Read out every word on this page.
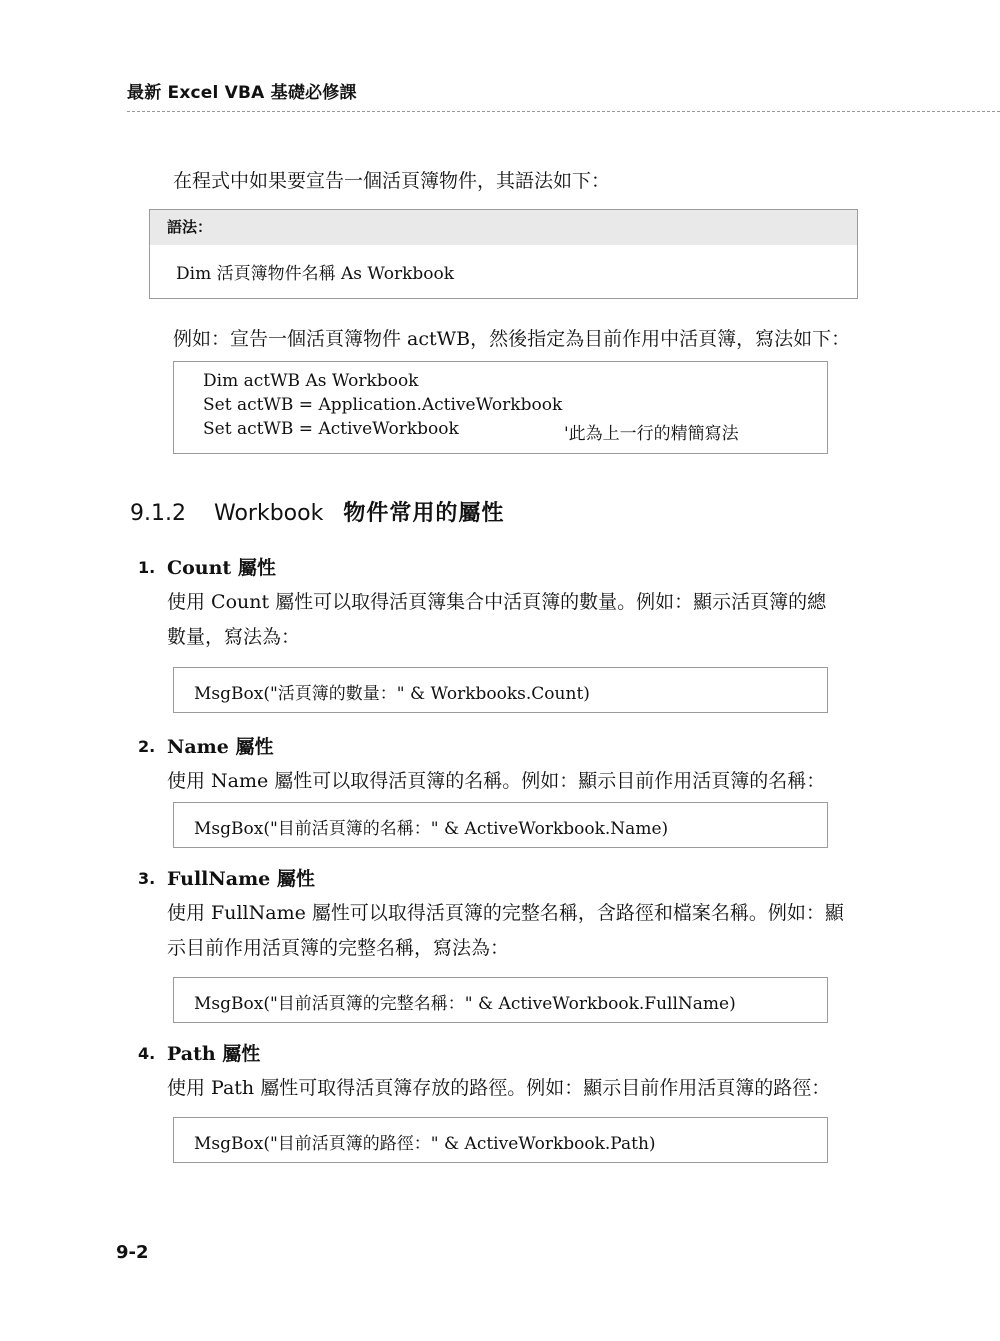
最新 Excel VBA 基礎必修課
在程式中如果要宣告一個活頁簿物件，其語法如下：
語法：
Dim 活頁簿物件名稱 As Workbook
例如：宣告一個活頁簿物件 actWB，然後指定為目前作用中活頁簿，寫法如下：
Dim actWB As Workbook
Set actWB = Application.ActiveWorkbook
Set actWB = ActiveWorkbook	'此為上一行的精簡寫法
9.1.2 Workbook 物件常用的屬性
1. Count 屬性
使用 Count 屬性可以取得活頁簿集合中活頁簿的數量。例如：顯示活頁簿的總
數量，寫法為：
MsgBox("活頁簿的數量：" & Workbooks.Count)
2. Name 屬性
使用 Name 屬性可以取得活頁簿的名稱。例如：顯示目前作用活頁簿的名稱：
MsgBox("目前活頁簿的名稱：" & ActiveWorkbook.Name)
3. FullName 屬性
使用 FullName 屬性可以取得活頁簿的完整名稱，含路徑和檔案名稱。例如：顯
示目前作用活頁簿的完整名稱，寫法為：
MsgBox("目前活頁簿的完整名稱：" & ActiveWorkbook.FullName)
4. Path 屬性
使用 Path 屬性可取得活頁簿存放的路徑。例如：顯示目前作用活頁簿的路徑：
MsgBox("目前活頁簿的路徑：" & ActiveWorkbook.Path)
9-2
